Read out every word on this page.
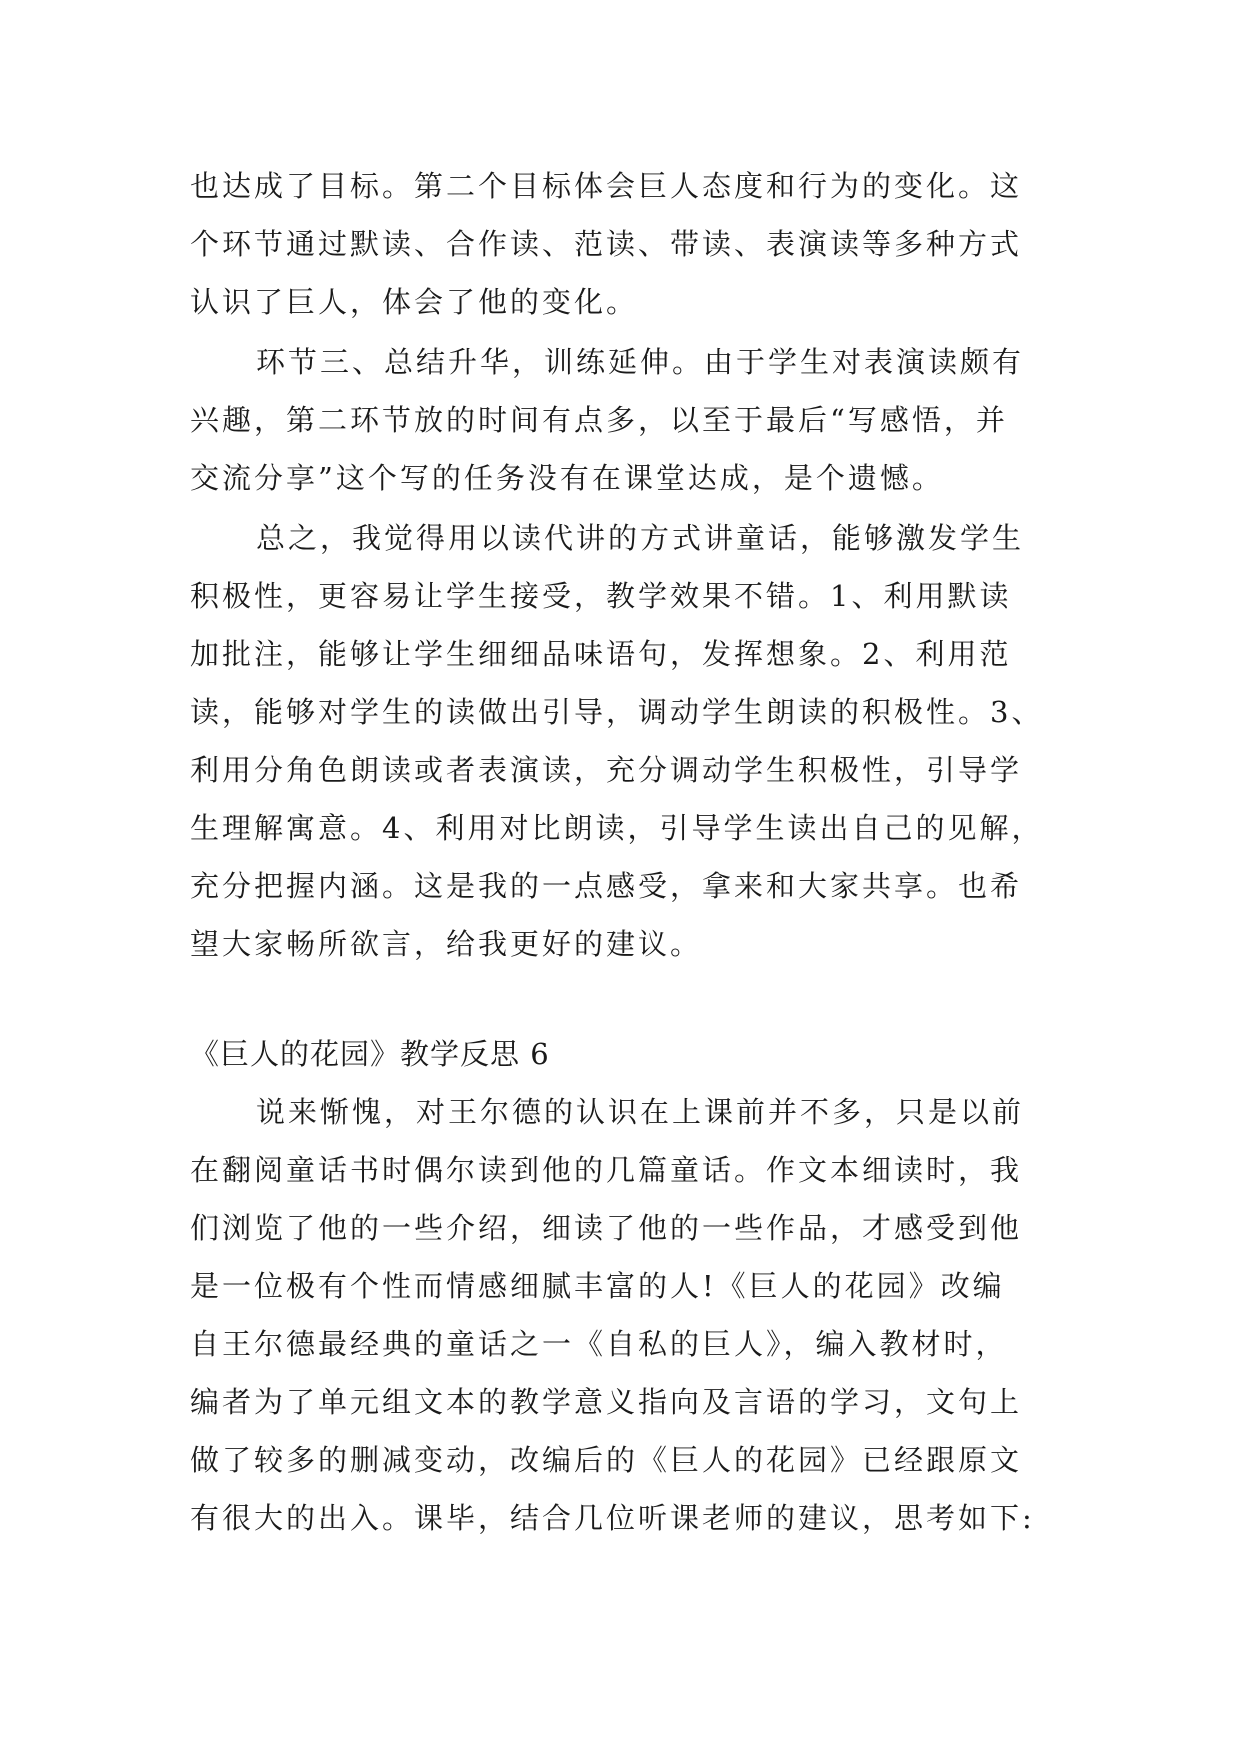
也达成了目标。第二个目标体会巨人态度和行为的变化。这
个环节通过默读、合作读、范读、带读、表演读等多种方式
认识了巨人，体会了他的变化。
环节三、总结升华，训练延伸。由于学生对表演读颇有
兴趣，第二环节放的时间有点多，以至于最后“写感悟，并
交流分享”这个写的任务没有在课堂达成，是个遗憾。
总之，我觉得用以读代讲的方式讲童话，能够激发学生
积极性，更容易让学生接受，教学效果不错。1、利用默读
加批注，能够让学生细细品味语句，发挥想象。2、利用范
读，能够对学生的读做出引导，调动学生朗读的积极性。3、
利用分角色朗读或者表演读，充分调动学生积极性，引导学
生理解寓意。4、利用对比朗读，引导学生读出自己的见解，
充分把握内涵。这是我的一点感受，拿来和大家共享。也希
望大家畅所欲言，给我更好的建议。
《巨人的花园》教学反思 6
说来惭愧，对王尔德的认识在上课前并不多，只是以前
在翻阅童话书时偶尔读到他的几篇童话。作文本细读时，我
们浏览了他的一些介绍，细读了他的一些作品，才感受到他
是一位极有个性而情感细腻丰富的人!《巨人的花园》改编
自王尔德最经典的童话之一《自私的巨人》，编入教材时，
编者为了单元组文本的教学意义指向及言语的学习，文句上
做了较多的删减变动，改编后的《巨人的花园》已经跟原文
有很大的出入。课毕，结合几位听课老师的建议，思考如下:
